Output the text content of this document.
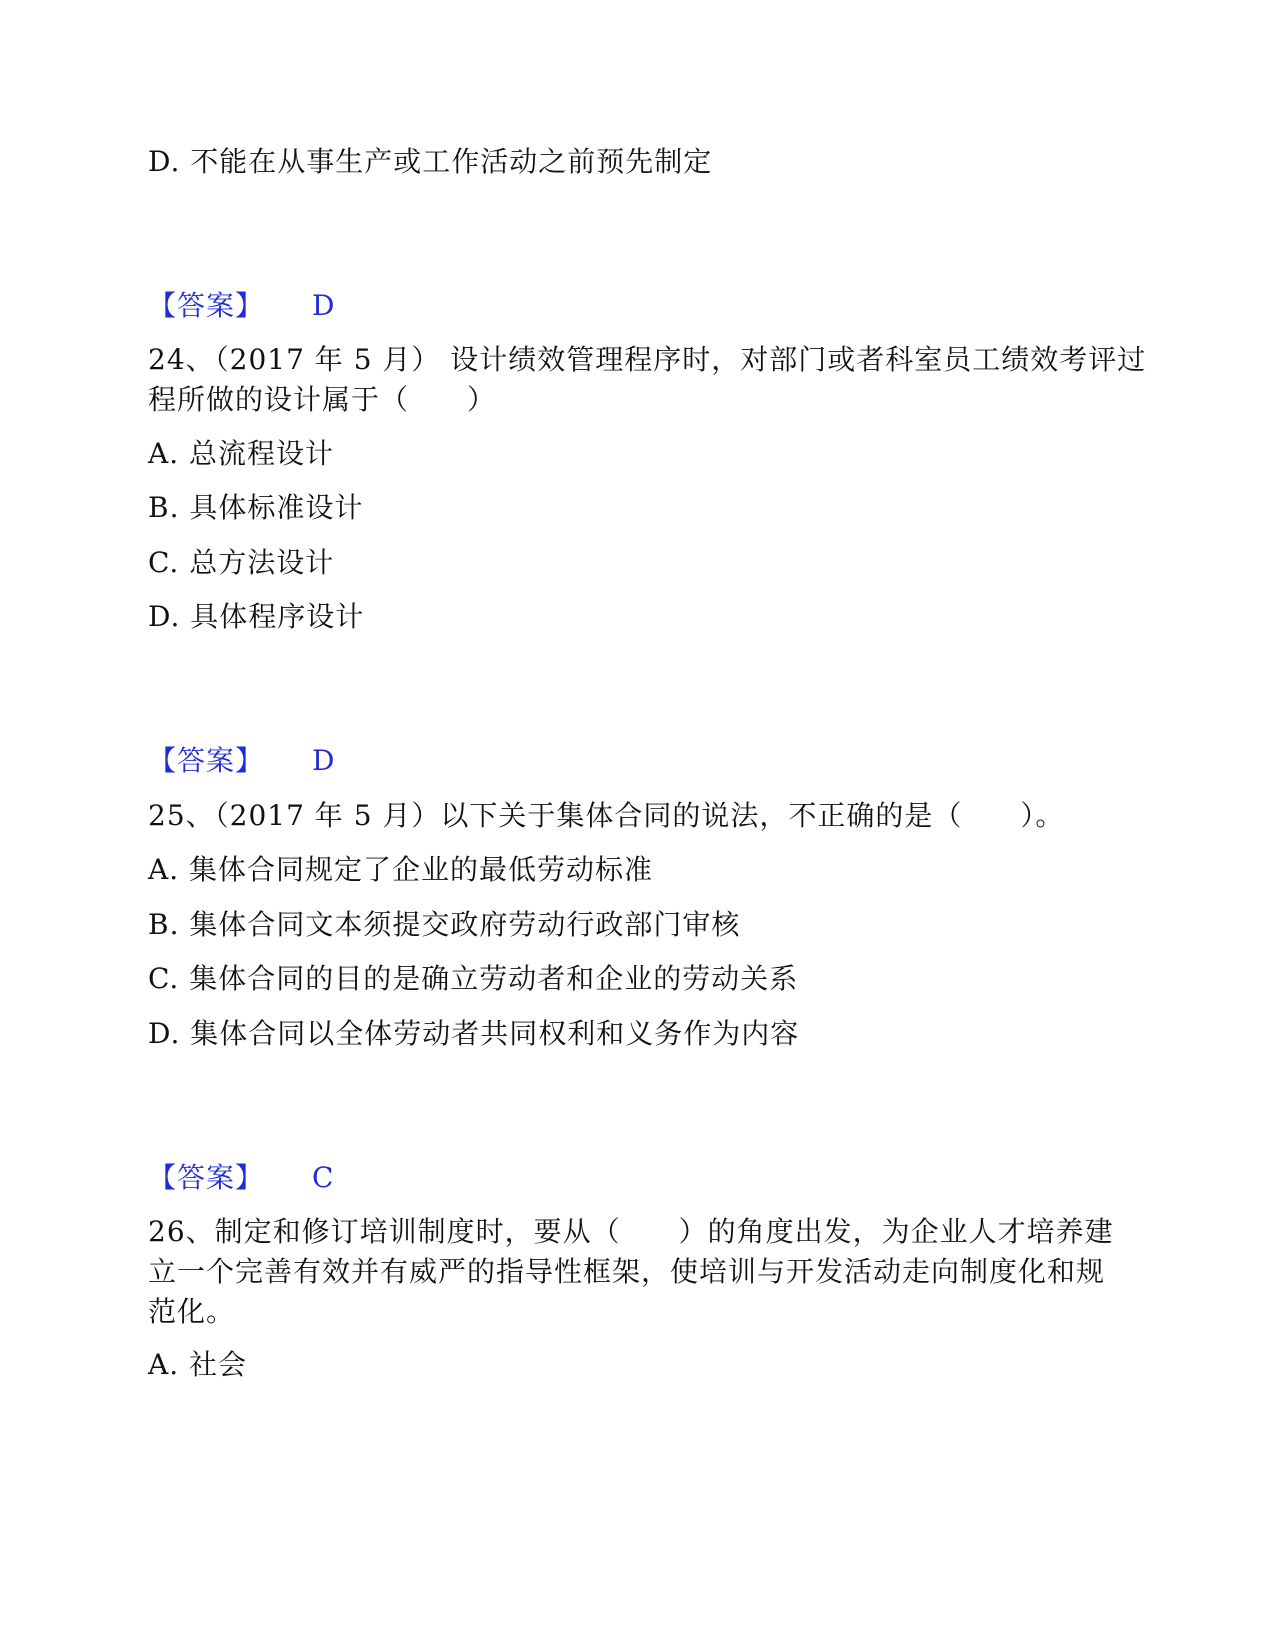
D. 不能在从事生产或工作活动之前预先制定
【答案】 D
24、（2017 年 5 月） 设计绩效管理程序时，对部门或者科室员工绩效考评过
程所做的设计属于（　　）
A. 总流程设计
B. 具体标准设计
C. 总方法设计
D. 具体程序设计
【答案】 D
25、（2017 年 5 月）以下关于集体合同的说法，不正确的是（　　）。
A. 集体合同规定了企业的最低劳动标准
B. 集体合同文本须提交政府劳动行政部门审核
C. 集体合同的目的是确立劳动者和企业的劳动关系
D. 集体合同以全体劳动者共同权利和义务作为内容
【答案】 C
26、制定和修订培训制度时，要从（　　）的角度出发，为企业人才培养建
立一个完善有效并有威严的指导性框架，使培训与开发活动走向制度化和规
范化。
A. 社会
